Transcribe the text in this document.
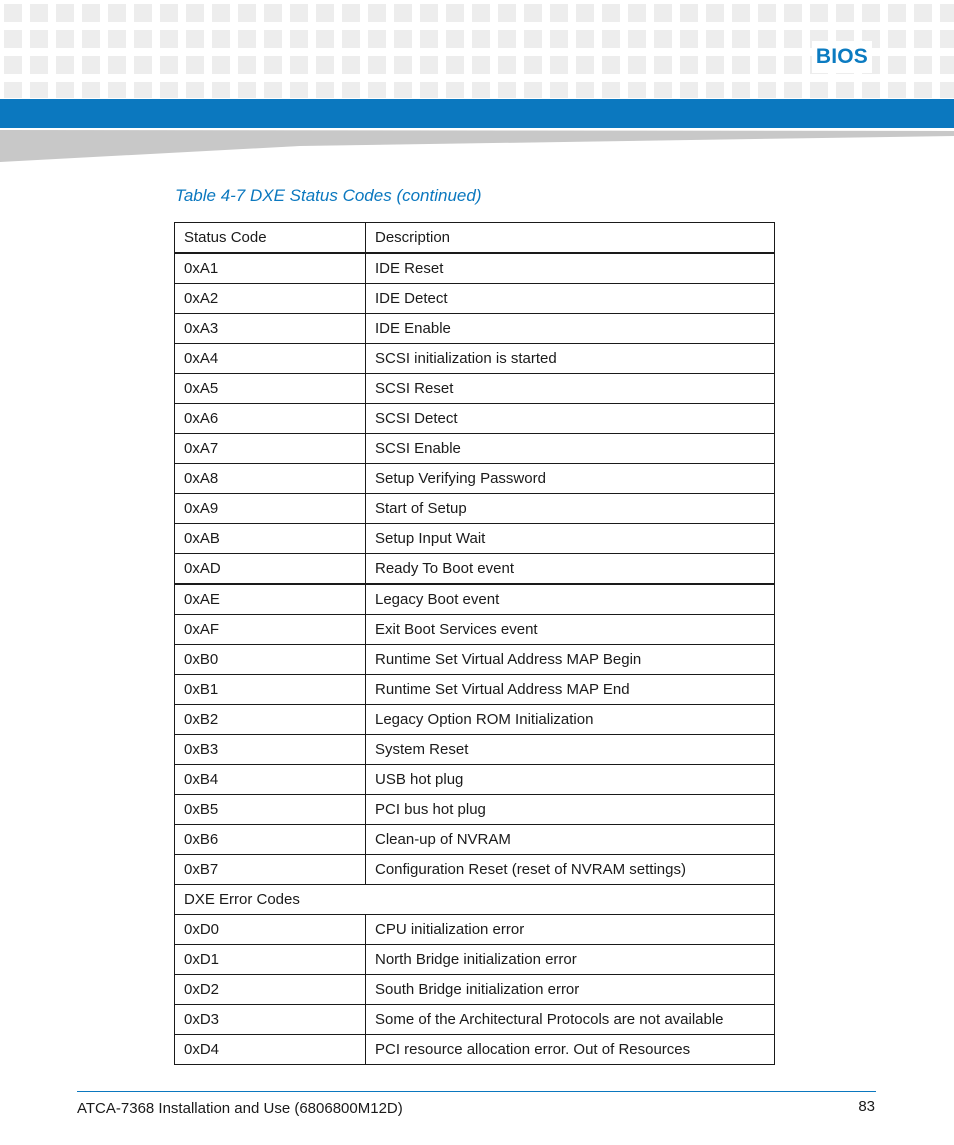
BIOS
Table 4-7 DXE Status Codes (continued)
Status Code	Description
0xA1	IDE Reset
0xA2	IDE Detect
0xA3	IDE Enable
0xA4	SCSI initialization is started
0xA5	SCSI Reset
0xA6	SCSI Detect
0xA7	SCSI Enable
0xA8	Setup Verifying Password
0xA9	Start of Setup
0xAB	Setup Input Wait
0xAD	Ready To Boot event
0xAE	Legacy Boot event
0xAF	Exit Boot Services event
0xB0	Runtime Set Virtual Address MAP Begin
0xB1	Runtime Set Virtual Address MAP End
0xB2	Legacy Option ROM Initialization
0xB3	System Reset
0xB4	USB hot plug
0xB5	PCI bus hot plug
0xB6	Clean-up of NVRAM
0xB7	Configuration Reset (reset of NVRAM settings)
DXE Error Codes	
0xD0	CPU initialization error
0xD1	North Bridge initialization error
0xD2	South Bridge initialization error
0xD3	Some of the Architectural Protocols are not available
0xD4	PCI resource allocation error. Out of Resources
ATCA-7368 Installation and Use (6806800M12D)	83
